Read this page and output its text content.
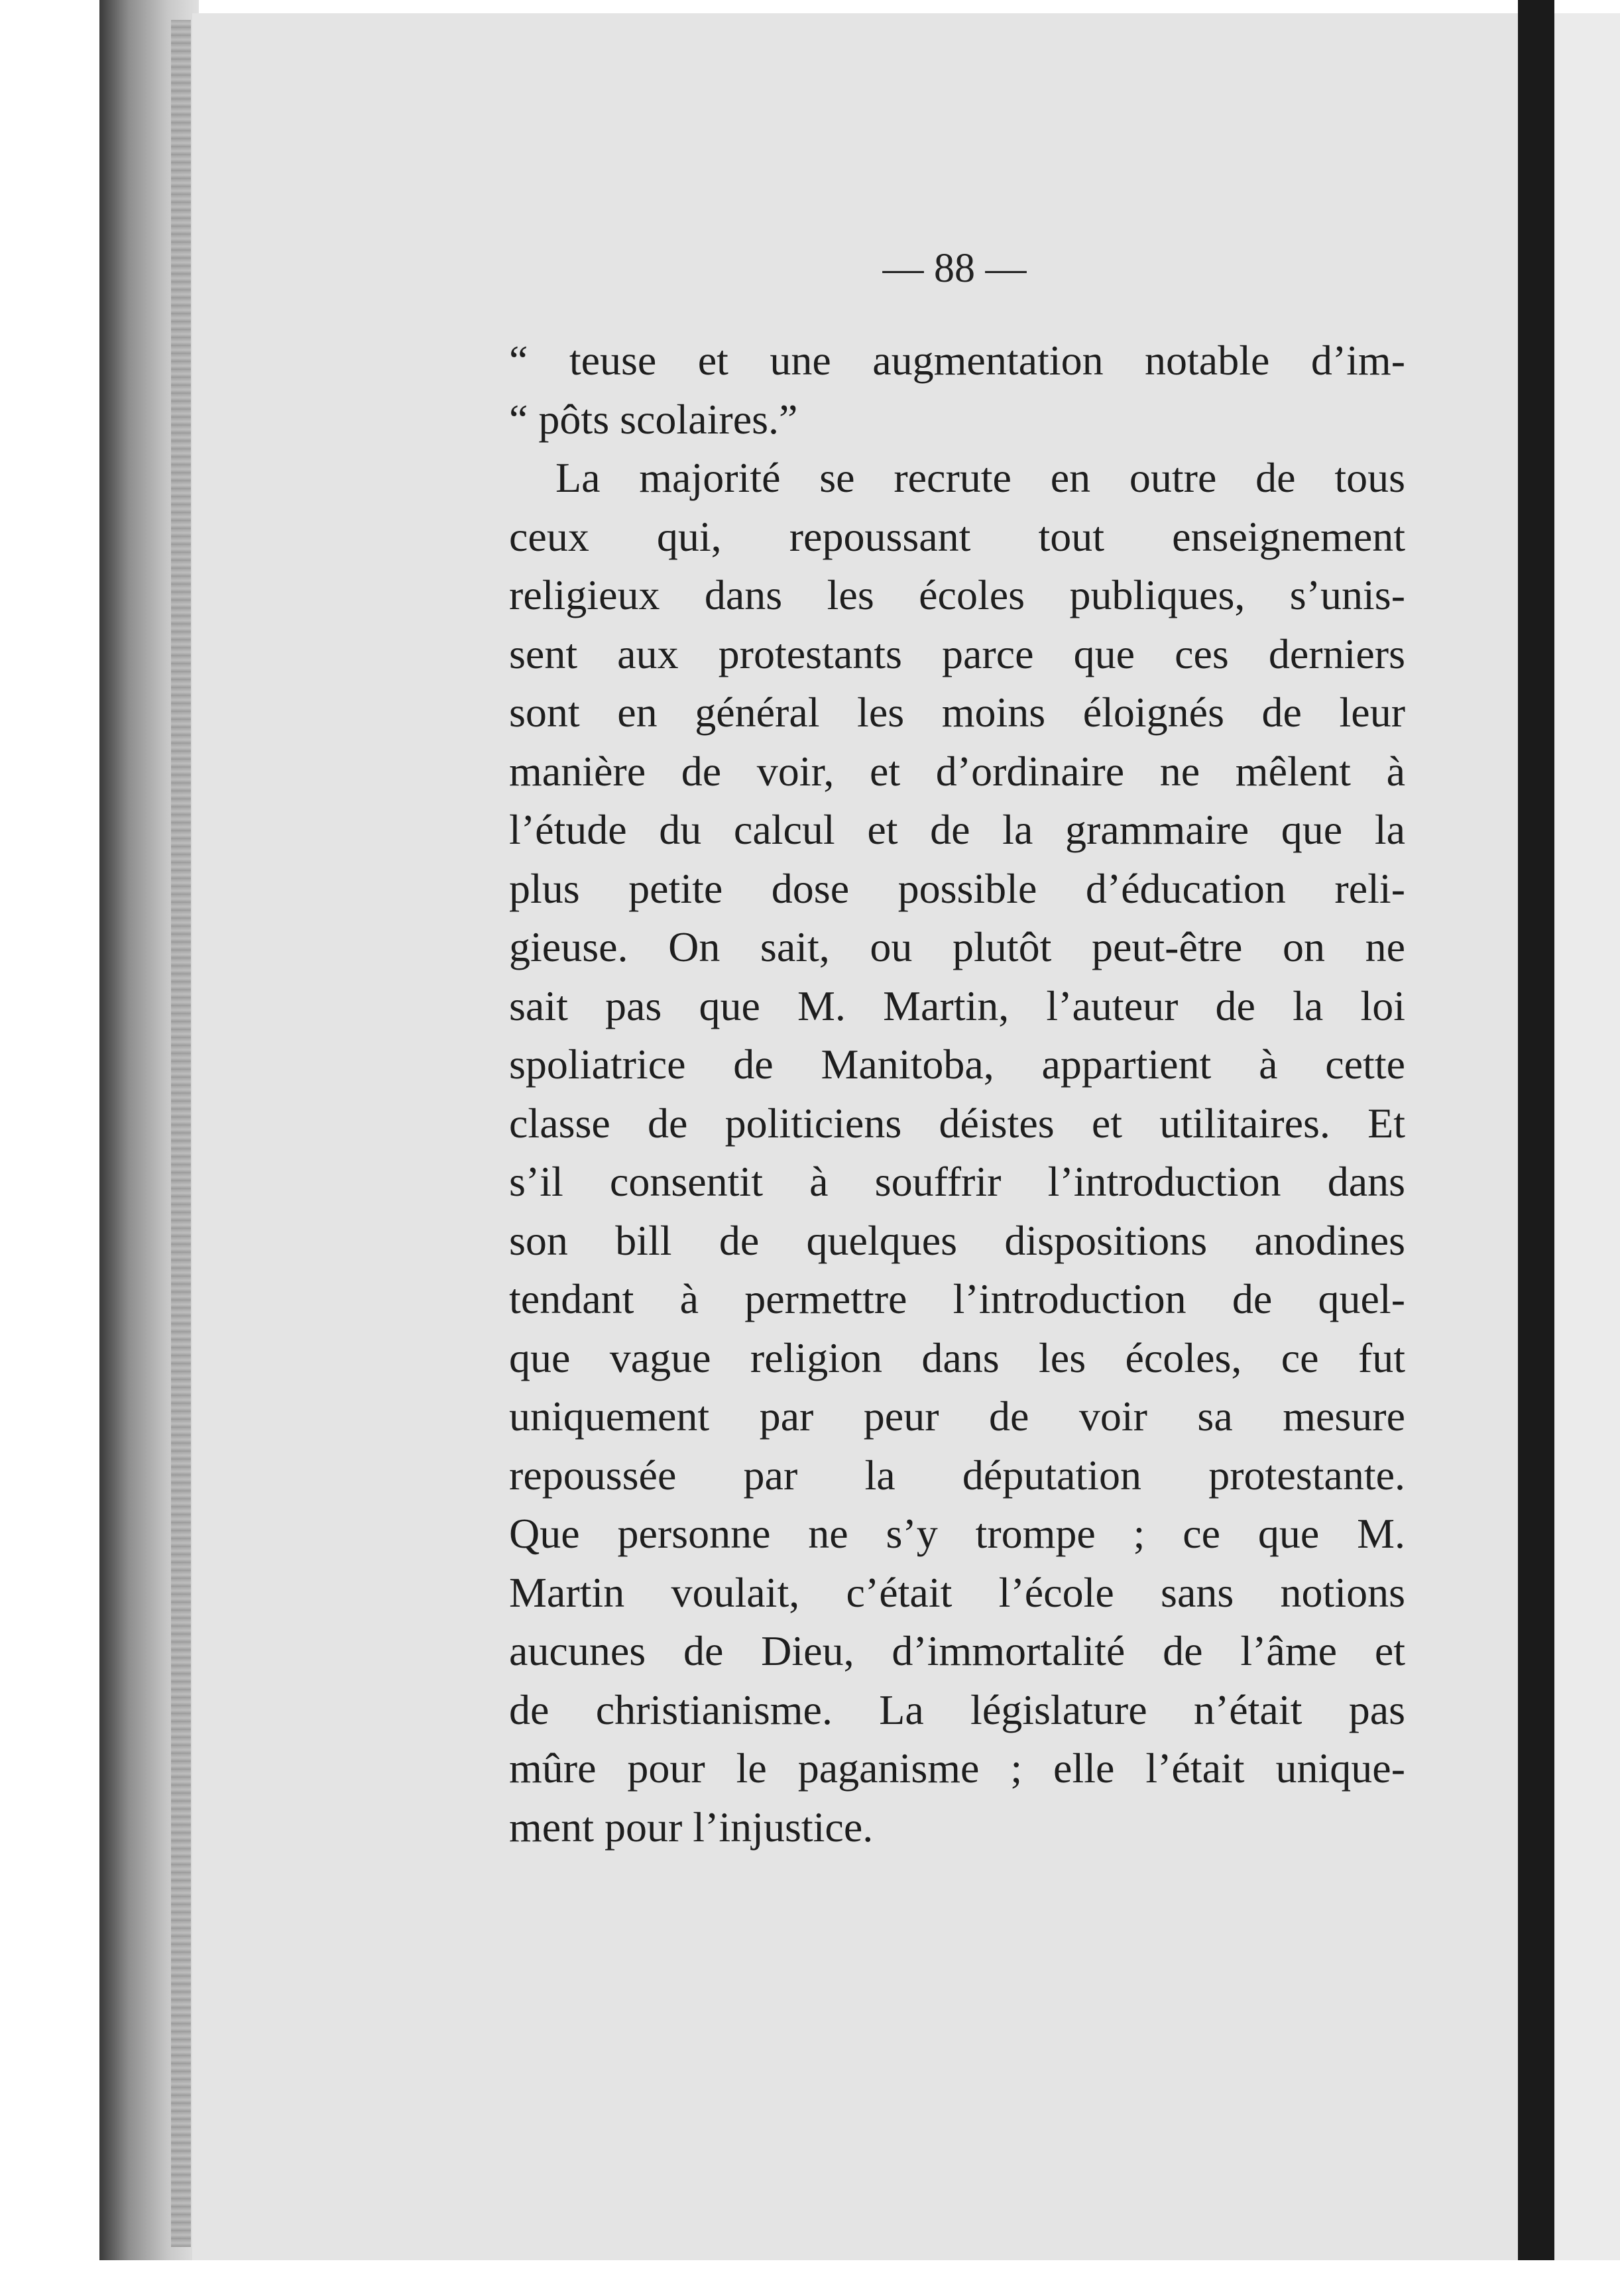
— 88 —
“ teuse et une augmentation notable d’im-
“ pôts scolaires.”
La majorité se recrute en outre de tous
ceux qui, repoussant tout enseignement
religieux dans les écoles publiques, s’unis-
sent aux protestants parce que ces derniers
sont en général les moins éloignés de leur
manière de voir, et d’ordinaire ne mêlent à
l’étude du calcul et de la grammaire que la
plus petite dose possible d’éducation reli-
gieuse. On sait, ou plutôt peut-être on ne
sait pas que M. Martin, l’auteur de la loi
spoliatrice de Manitoba, appartient à cette
classe de politiciens déistes et utilitaires. Et
s’il consentit à souffrir l’introduction dans
son bill de quelques dispositions anodines
tendant à permettre l’introduction de quel-
que vague religion dans les écoles, ce fut
uniquement par peur de voir sa mesure
repoussée par la députation protestante.
Que personne ne s’y trompe ; ce que M.
Martin voulait, c’était l’école sans notions
aucunes de Dieu, d’immortalité de l’âme et
de christianisme. La législature n’était pas
mûre pour le paganisme ; elle l’était unique-
ment pour l’injustice.
